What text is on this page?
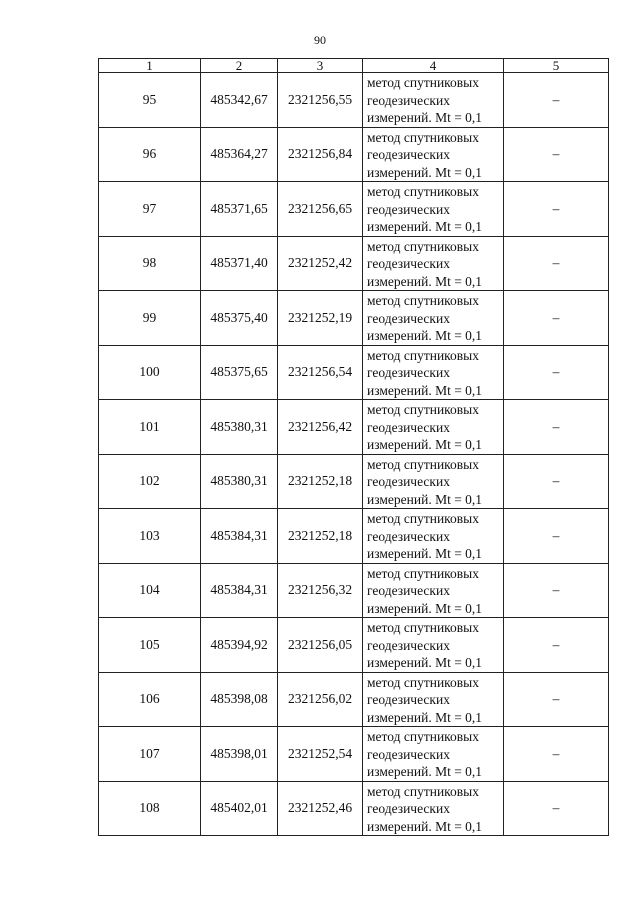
90
1	2	3	4	5
95	485342,67	2321256,55	метод спутниковых
геодезических
измерений. Mt = 0,1	–
96	485364,27	2321256,84	метод спутниковых
геодезических
измерений. Mt = 0,1	–
97	485371,65	2321256,65	метод спутниковых
геодезических
измерений. Mt = 0,1	–
98	485371,40	2321252,42	метод спутниковых
геодезических
измерений. Mt = 0,1	–
99	485375,40	2321252,19	метод спутниковых
геодезических
измерений. Mt = 0,1	–
100	485375,65	2321256,54	метод спутниковых
геодезических
измерений. Mt = 0,1	–
101	485380,31	2321256,42	метод спутниковых
геодезических
измерений. Mt = 0,1	–
102	485380,31	2321252,18	метод спутниковых
геодезических
измерений. Mt = 0,1	–
103	485384,31	2321252,18	метод спутниковых
геодезических
измерений. Mt = 0,1	–
104	485384,31	2321256,32	метод спутниковых
геодезических
измерений. Mt = 0,1	–
105	485394,92	2321256,05	метод спутниковых
геодезических
измерений. Mt = 0,1	–
106	485398,08	2321256,02	метод спутниковых
геодезических
измерений. Mt = 0,1	–
107	485398,01	2321252,54	метод спутниковых
геодезических
измерений. Mt = 0,1	–
108	485402,01	2321252,46	метод спутниковых
геодезических
измерений. Mt = 0,1	–
